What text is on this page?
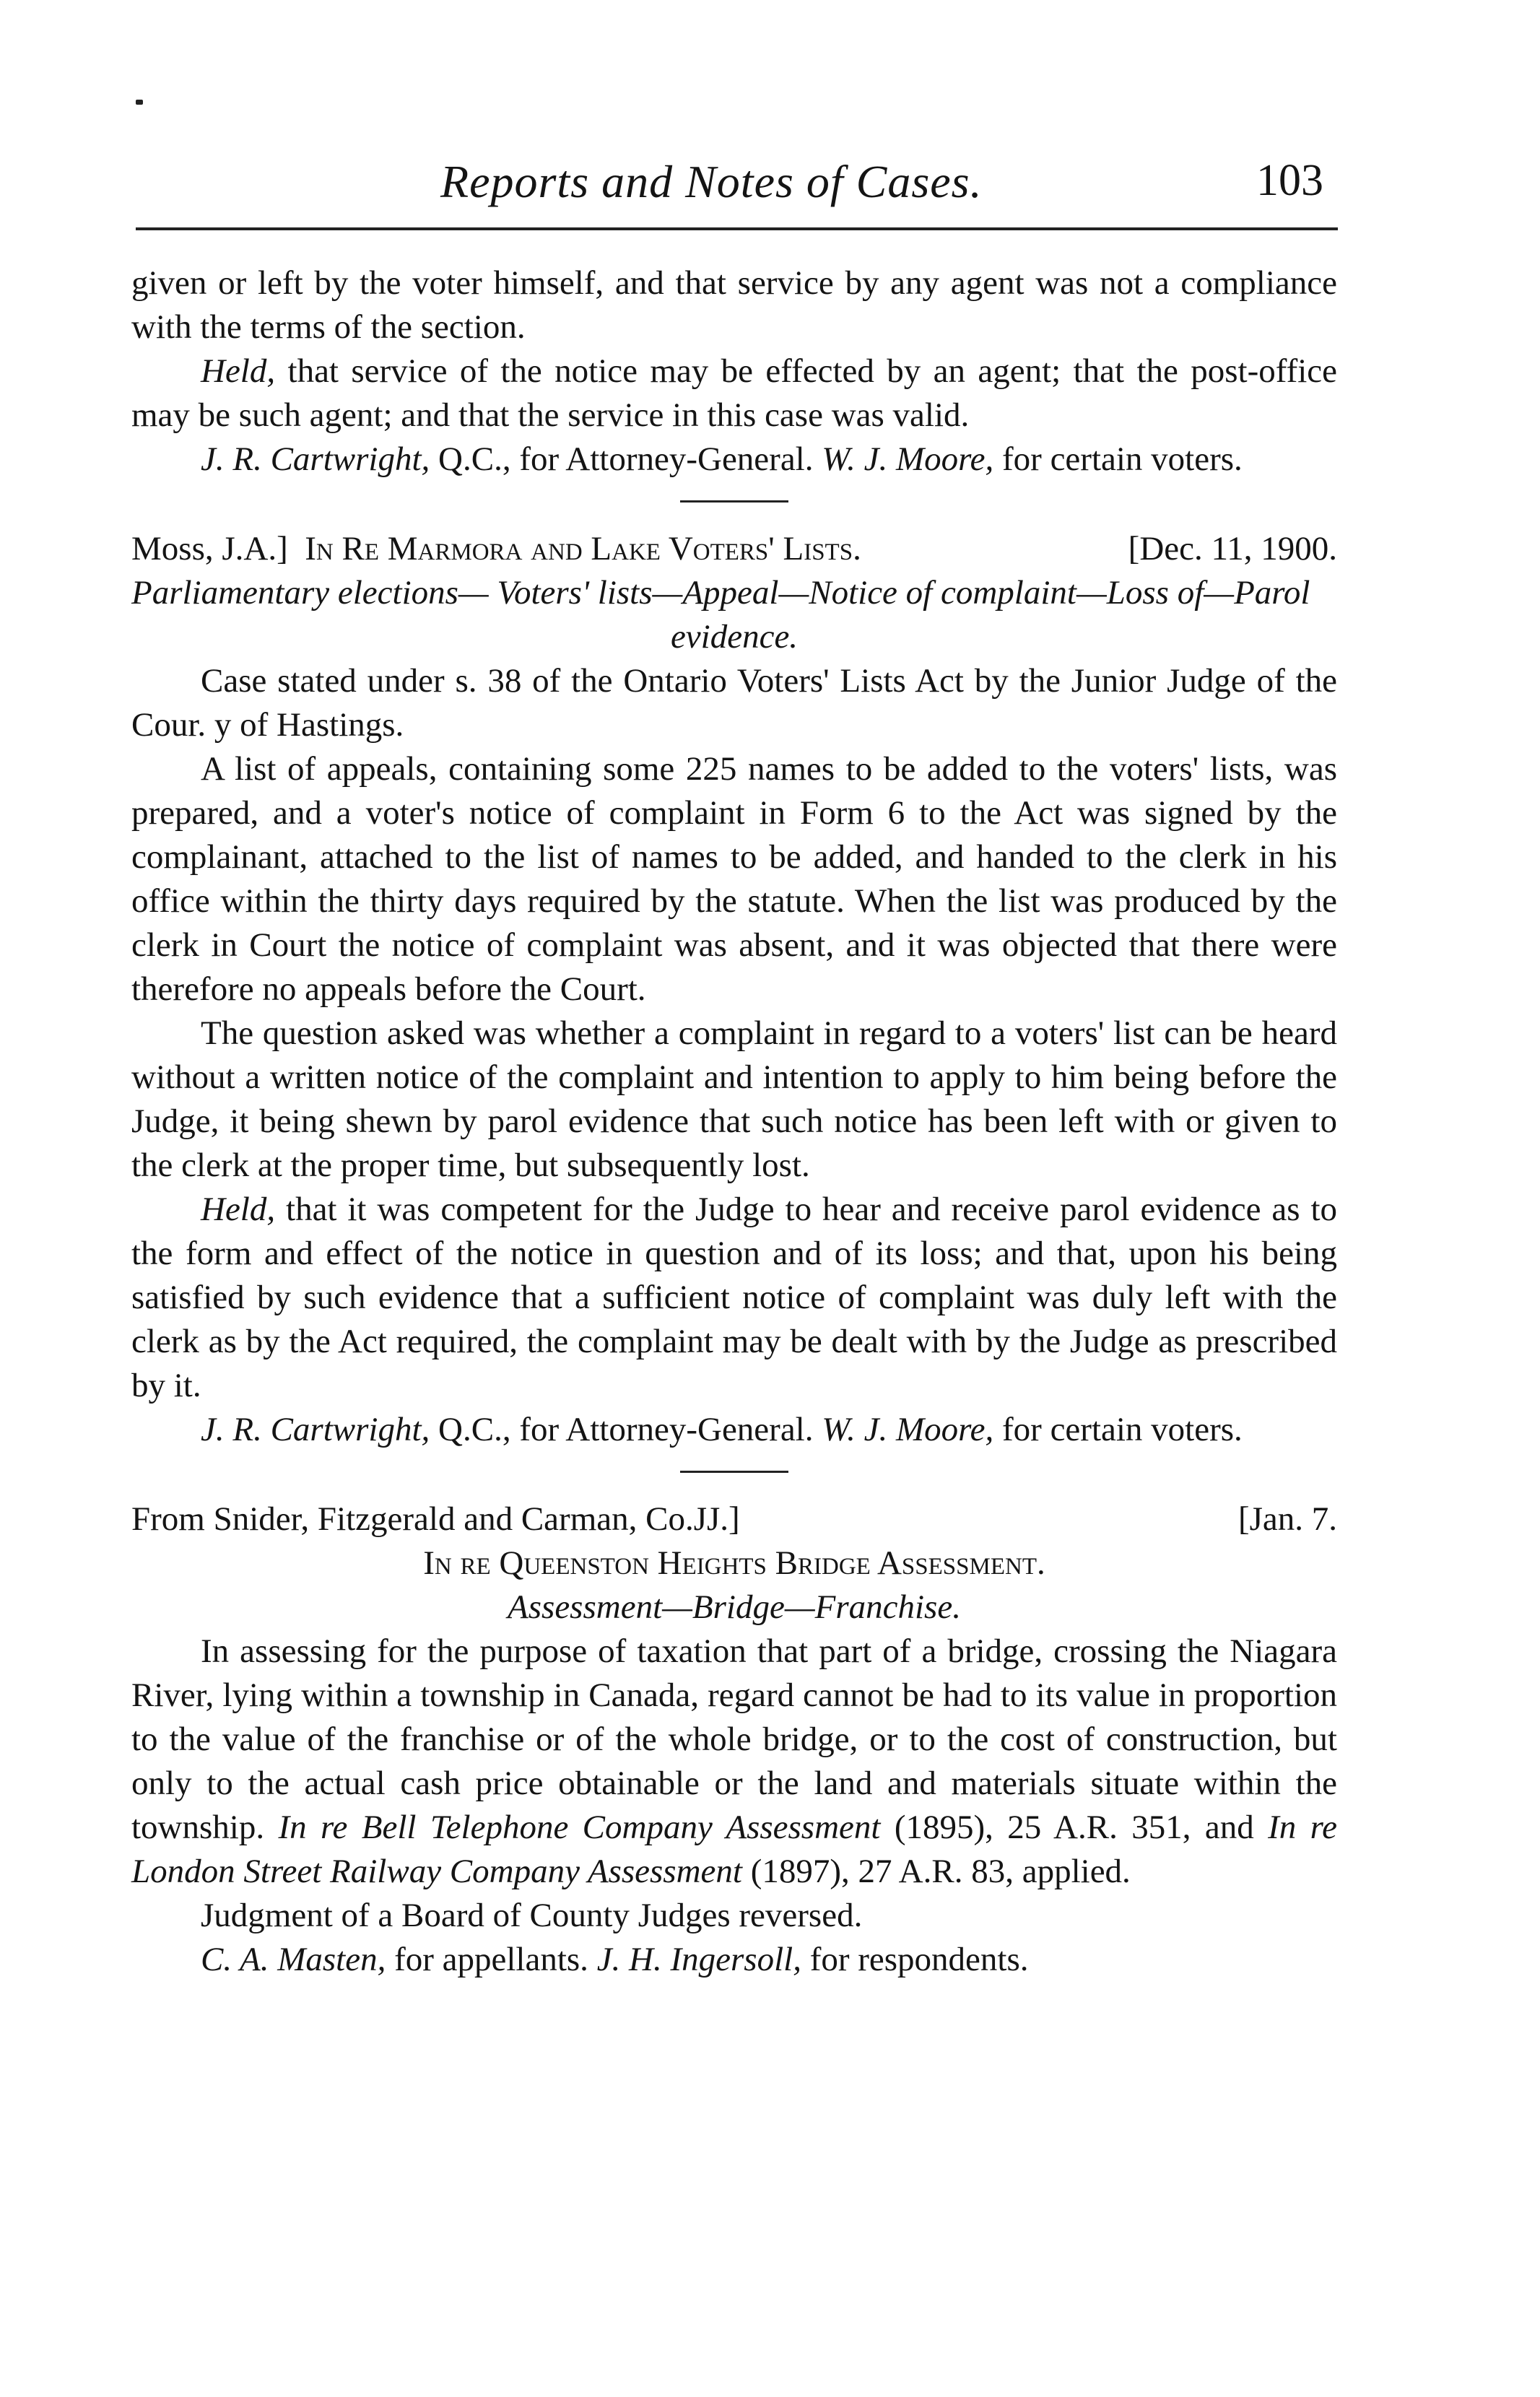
Reports and Notes of Cases.	103

given or left by the voter himself, and that service by any agent was not a compliance with the terms of the section.

Held, that service of the notice may be effected by an agent; that the post-office may be such agent; and that the service in this case was valid.

J. R. Cartwright, Q.C., for Attorney-General. W. J. Moore, for certain voters.

Moss, J.A.] In Re Marmora and Lake Voters' Lists.	[Dec. 11, 1900.

Parliamentary elections— Voters' lists—Appeal—Notice of complaint—Loss of—Parol evidence.

Case stated under s. 38 of the Ontario Voters' Lists Act by the Junior Judge of the Cour. y of Hastings.

A list of appeals, containing some 225 names to be added to the voters' lists, was prepared, and a voter's notice of complaint in Form 6 to the Act was signed by the complainant, attached to the list of names to be added, and handed to the clerk in his office within the thirty days required by the statute. When the list was produced by the clerk in Court the notice of complaint was absent, and it was objected that there were therefore no appeals before the Court.

The question asked was whether a complaint in regard to a voters' list can be heard without a written notice of the complaint and intention to apply to him being before the Judge, it being shewn by parol evidence that such notice has been left with or given to the clerk at the proper time, but subsequently lost.

Held, that it was competent for the Judge to hear and receive parol evidence as to the form and effect of the notice in question and of its loss; and that, upon his being satisfied by such evidence that a sufficient notice of complaint was duly left with the clerk as by the Act required, the complaint may be dealt with by the Judge as prescribed by it.

J. R. Cartwright, Q.C., for Attorney-General. W. J. Moore, for certain voters.

From Snider, Fitzgerald and Carman, Co.JJ.]	[Jan. 7.

In re Queenston Heights Bridge Assessment.

Assessment—Bridge—Franchise.

In assessing for the purpose of taxation that part of a bridge, crossing the Niagara River, lying within a township in Canada, regard cannot be had to its value in proportion to the value of the franchise or of the whole bridge, or to the cost of construction, but only to the actual cash price obtainable or the land and materials situate within the township. In re Bell Telephone Company Assessment (1895), 25 A.R. 351, and In re London Street Railway Company Assessment (1897), 27 A.R. 83, applied.

Judgment of a Board of County Judges reversed.

C. A. Masten, for appellants. J. H. Ingersoll, for respondents.
